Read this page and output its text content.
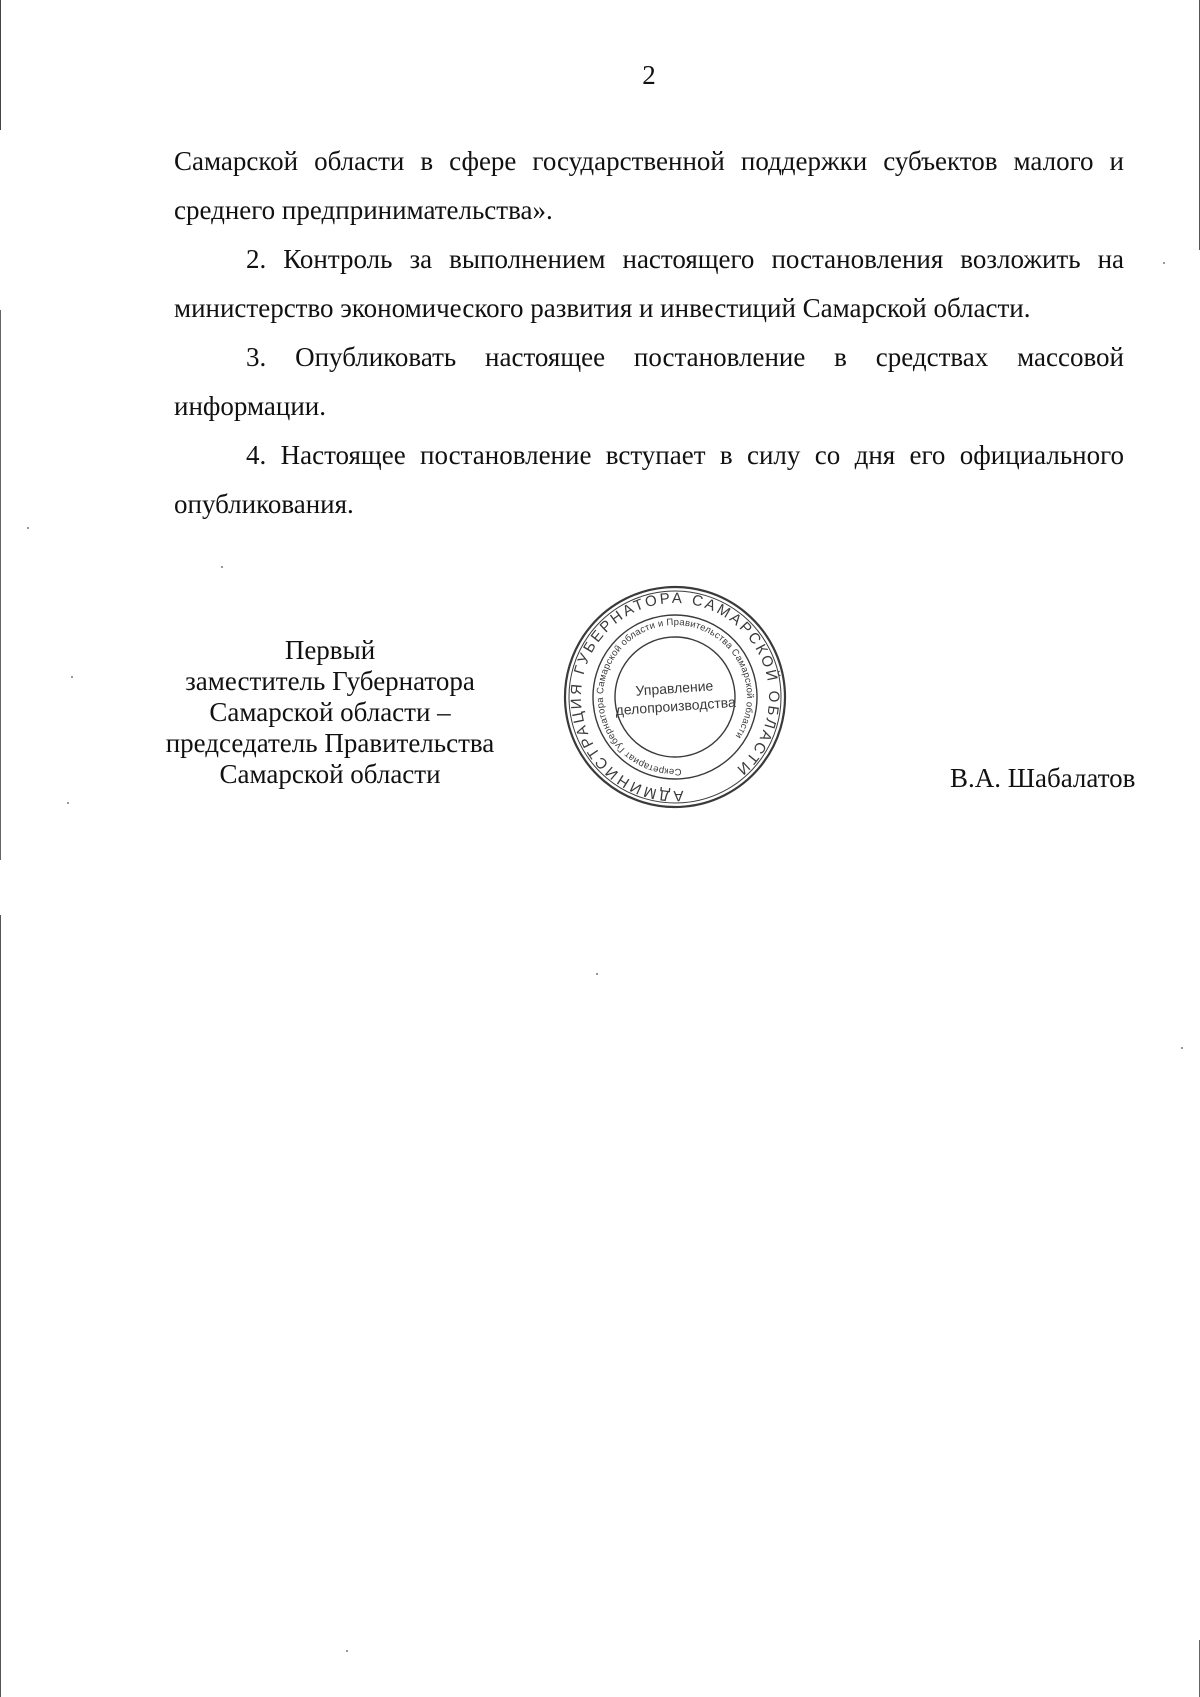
2

Самарской области в сфере государственной поддержки субъектов малого и среднего предпринимательства».

2. Контроль за выполнением настоящего постановления возложить на министерство экономического развития и инвестиций Самарской области.

3. Опубликовать настоящее постановление в средствах массовой информации.

4. Настоящее постановление вступает в силу со дня его официального опубликования.

Первый
заместитель Губернатора
Самарской области –
председатель Правительства
Самарской области
АДМИНИСТРАЦИЯ ГУБЕРНАТОРА САМАРСКОЙ ОБЛАСТИ
Секретариат Губернатора Самарской области и Правительства Самарской области
Управление
делопроизводства
В.А. Шабалатов
